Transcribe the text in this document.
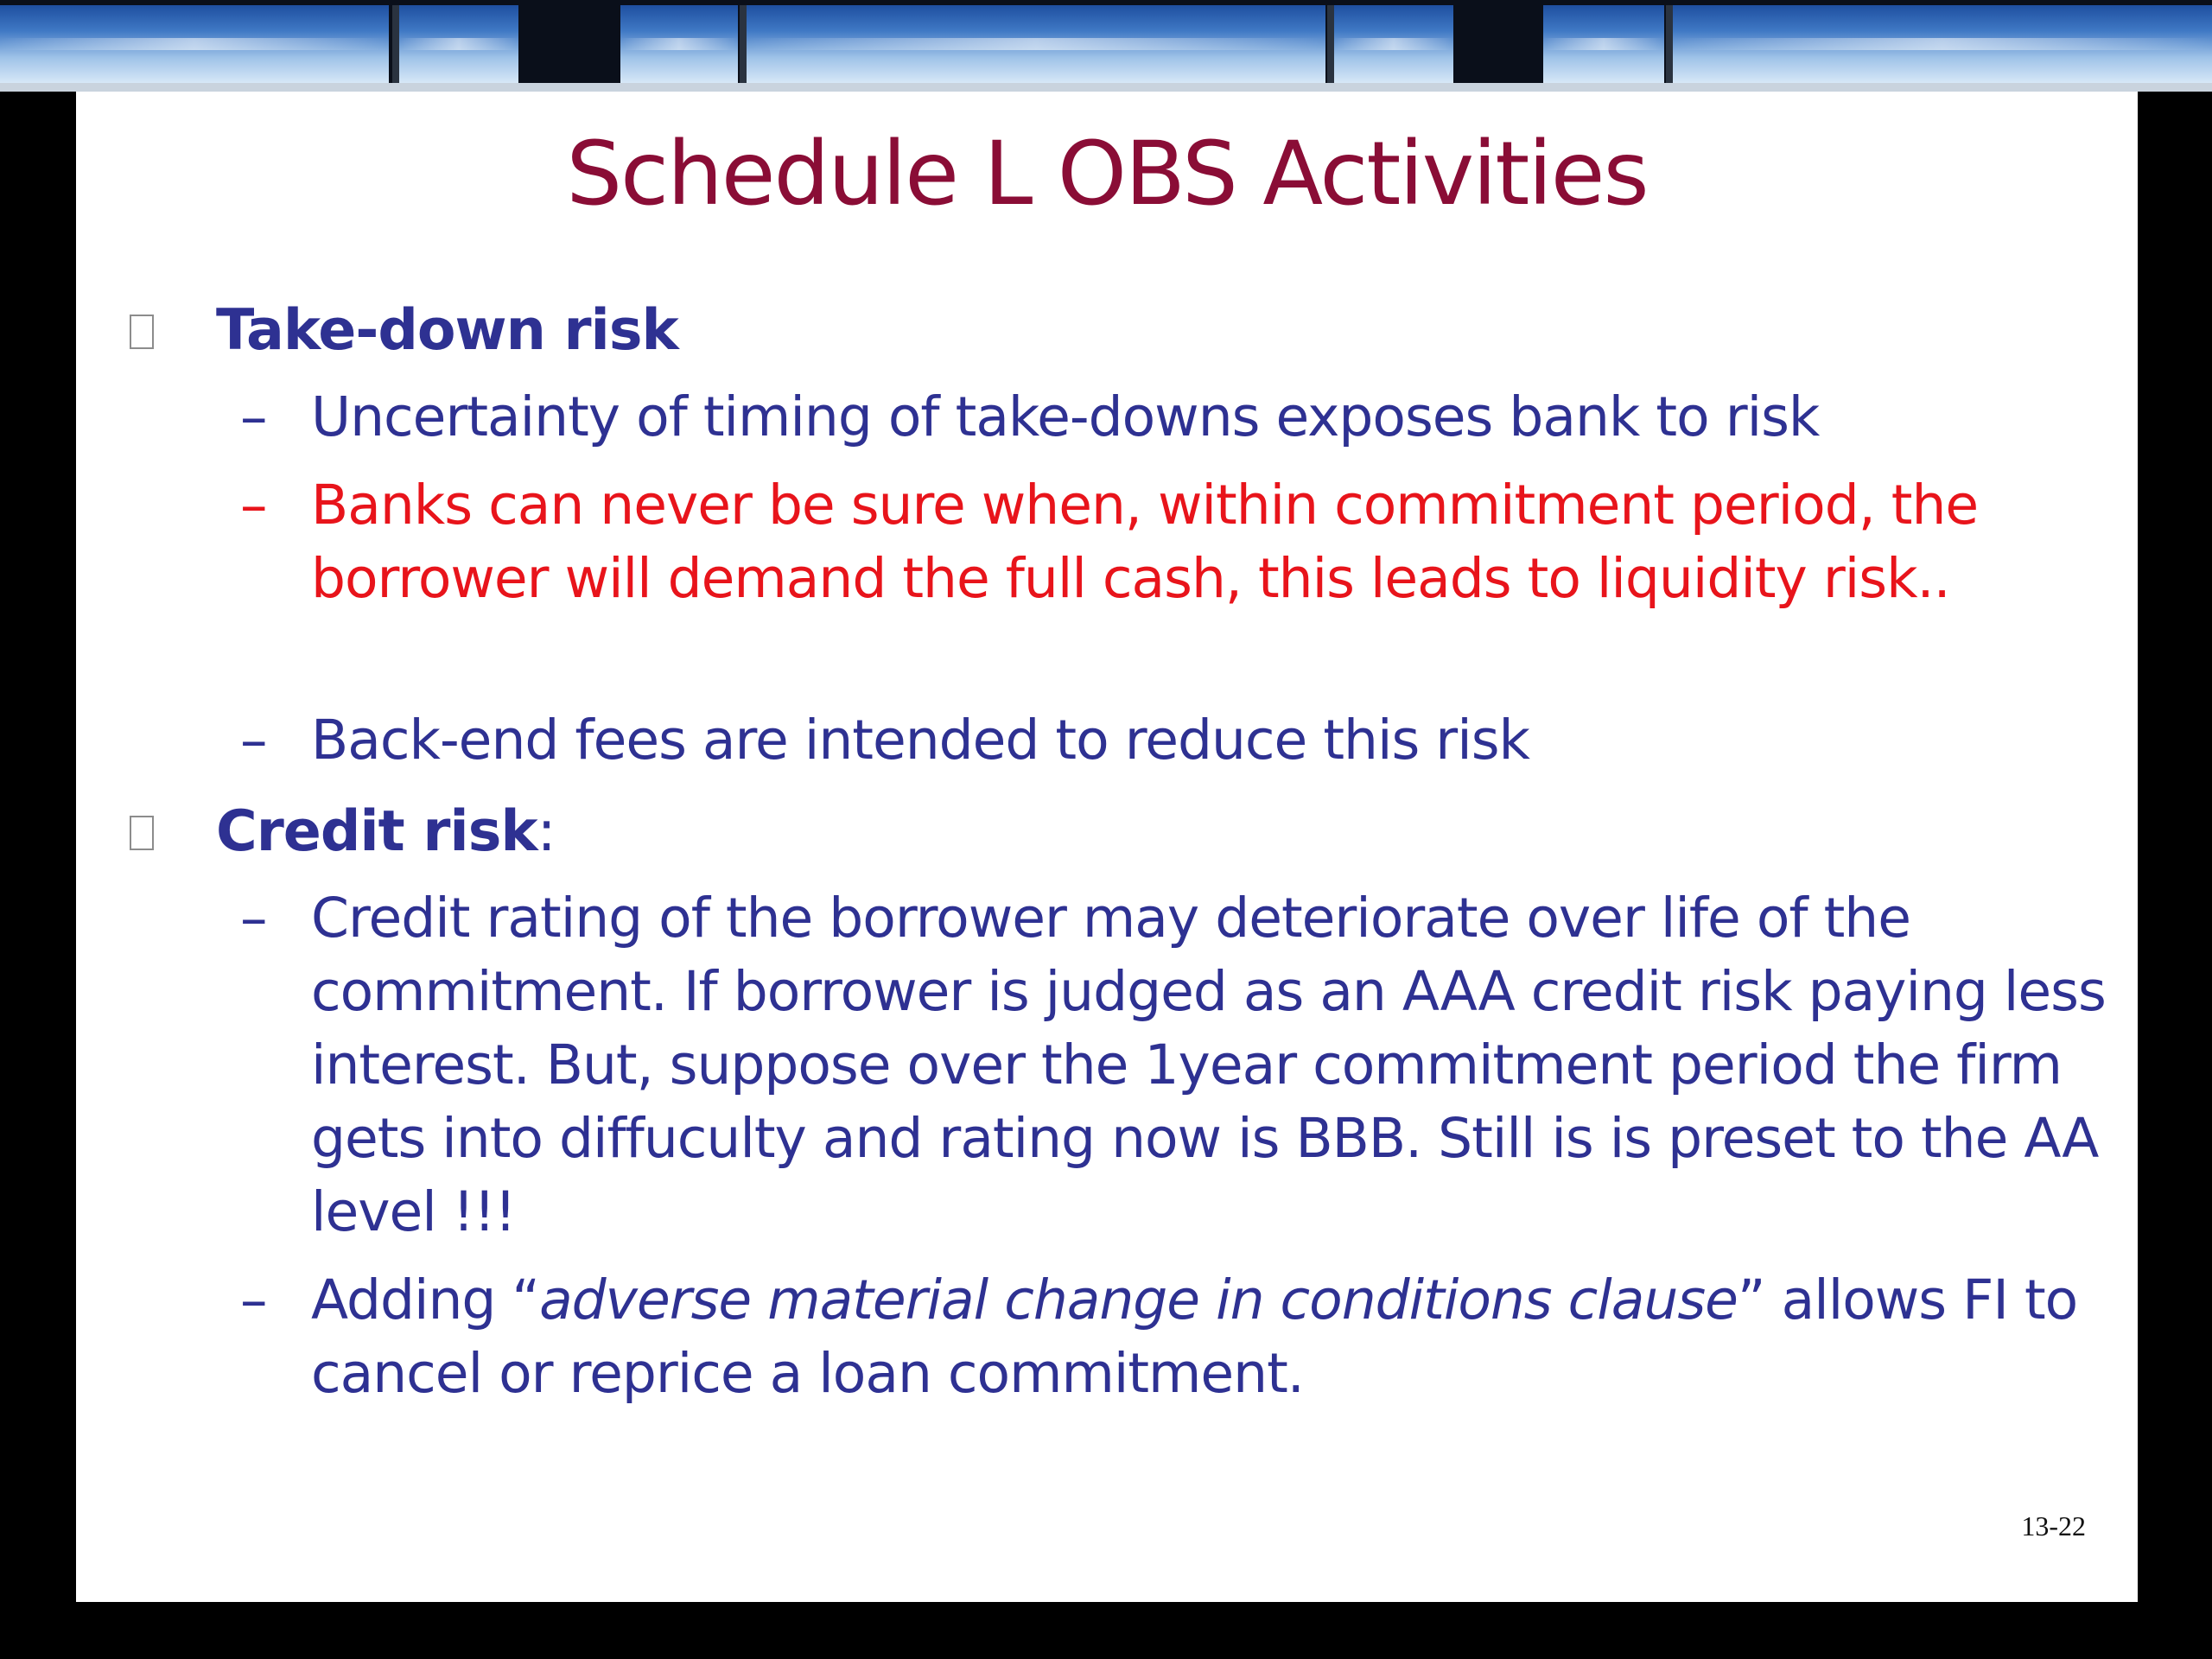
Schedule L OBS Activities
Take-down risk
– Uncertainty of timing of take-downs exposes bank to risk
– Banks can never be sure when, within commitment period, the borrower will demand the full cash, this leads to liquidity risk..
– Back-end fees are intended to reduce this risk
Credit risk:
– Credit rating of the borrower may deteriorate over life of the commitment. If borrower is judged as an AAA credit risk paying less interest. But, suppose over the 1year commitment period the firm gets into diffuculty and rating now is BBB. Still is is preset to the AA level !!!
– Adding “adverse material change in conditions clause” allows FI to cancel or reprice a loan commitment.
13-22
